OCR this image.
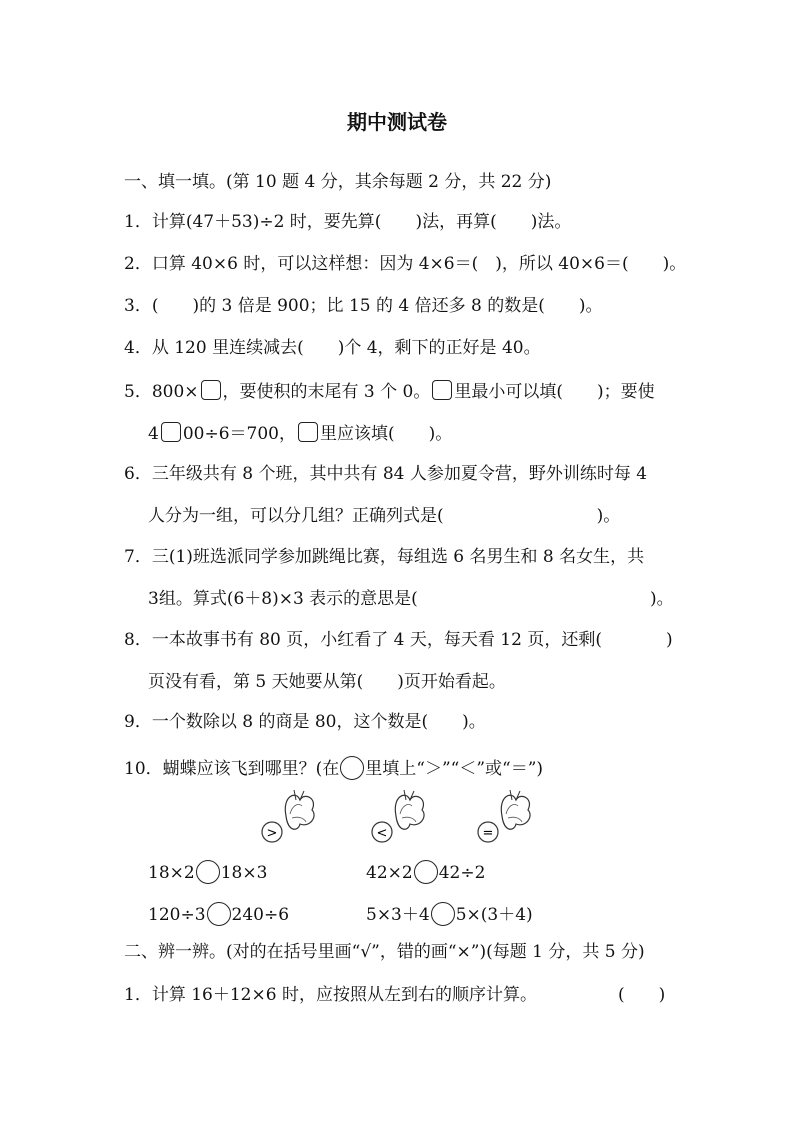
期中测试卷
一、填一填。(第 10 题 4 分，其余每题 2 分，共 22 分)
1．计算(47＋53)÷2 时，要先算(　　)法，再算(　　)法。
2．口算 40×6 时，可以这样想：因为 4×6＝(　)，所以 40×6＝(　　)。
3．(　　)的 3 倍是 900；比 15 的 4 倍还多 8 的数是(　　)。
4．从 120 里连续减去(　　)个 4，剩下的正好是 40。
5．800× ，要使积的末尾有 3 个 0。 里最小可以填(　　)；要使
4 00÷6＝700， 里应该填(　　)。
6．三年级共有 8 个班，其中共有 84 人参加夏令营，野外训练时每 4
人分为一组，可以分几组？正确列式是(　　　　　　　　　)。
7．三(1)班选派同学参加跳绳比赛，每组选 6 名男生和 8 名女生，共
3组。算式(6＋8)×3 表示的意思是(	)。
8．一本故事书有 80 页，小红看了 4 天，每天看 12 页，还剩(	)
页没有看，第 5 天她要从第(　　)页开始看起。
9．一个数除以 8 的商是 80，这个数是(　　)。
10．蝴蝶应该飞到哪里？(在 里填上“＞”“＜”或“＝”)
>	<	=
18×2 18×3	42×2 42÷2
120÷3 240÷6	5×3＋4 5×(3＋4)
二、辨一辨。(对的在括号里画“√”，错的画“×”)(每题 1 分，共 5 分)
1．计算 16＋12×6 时，应按照从左到右的顺序计算。	(　　)
